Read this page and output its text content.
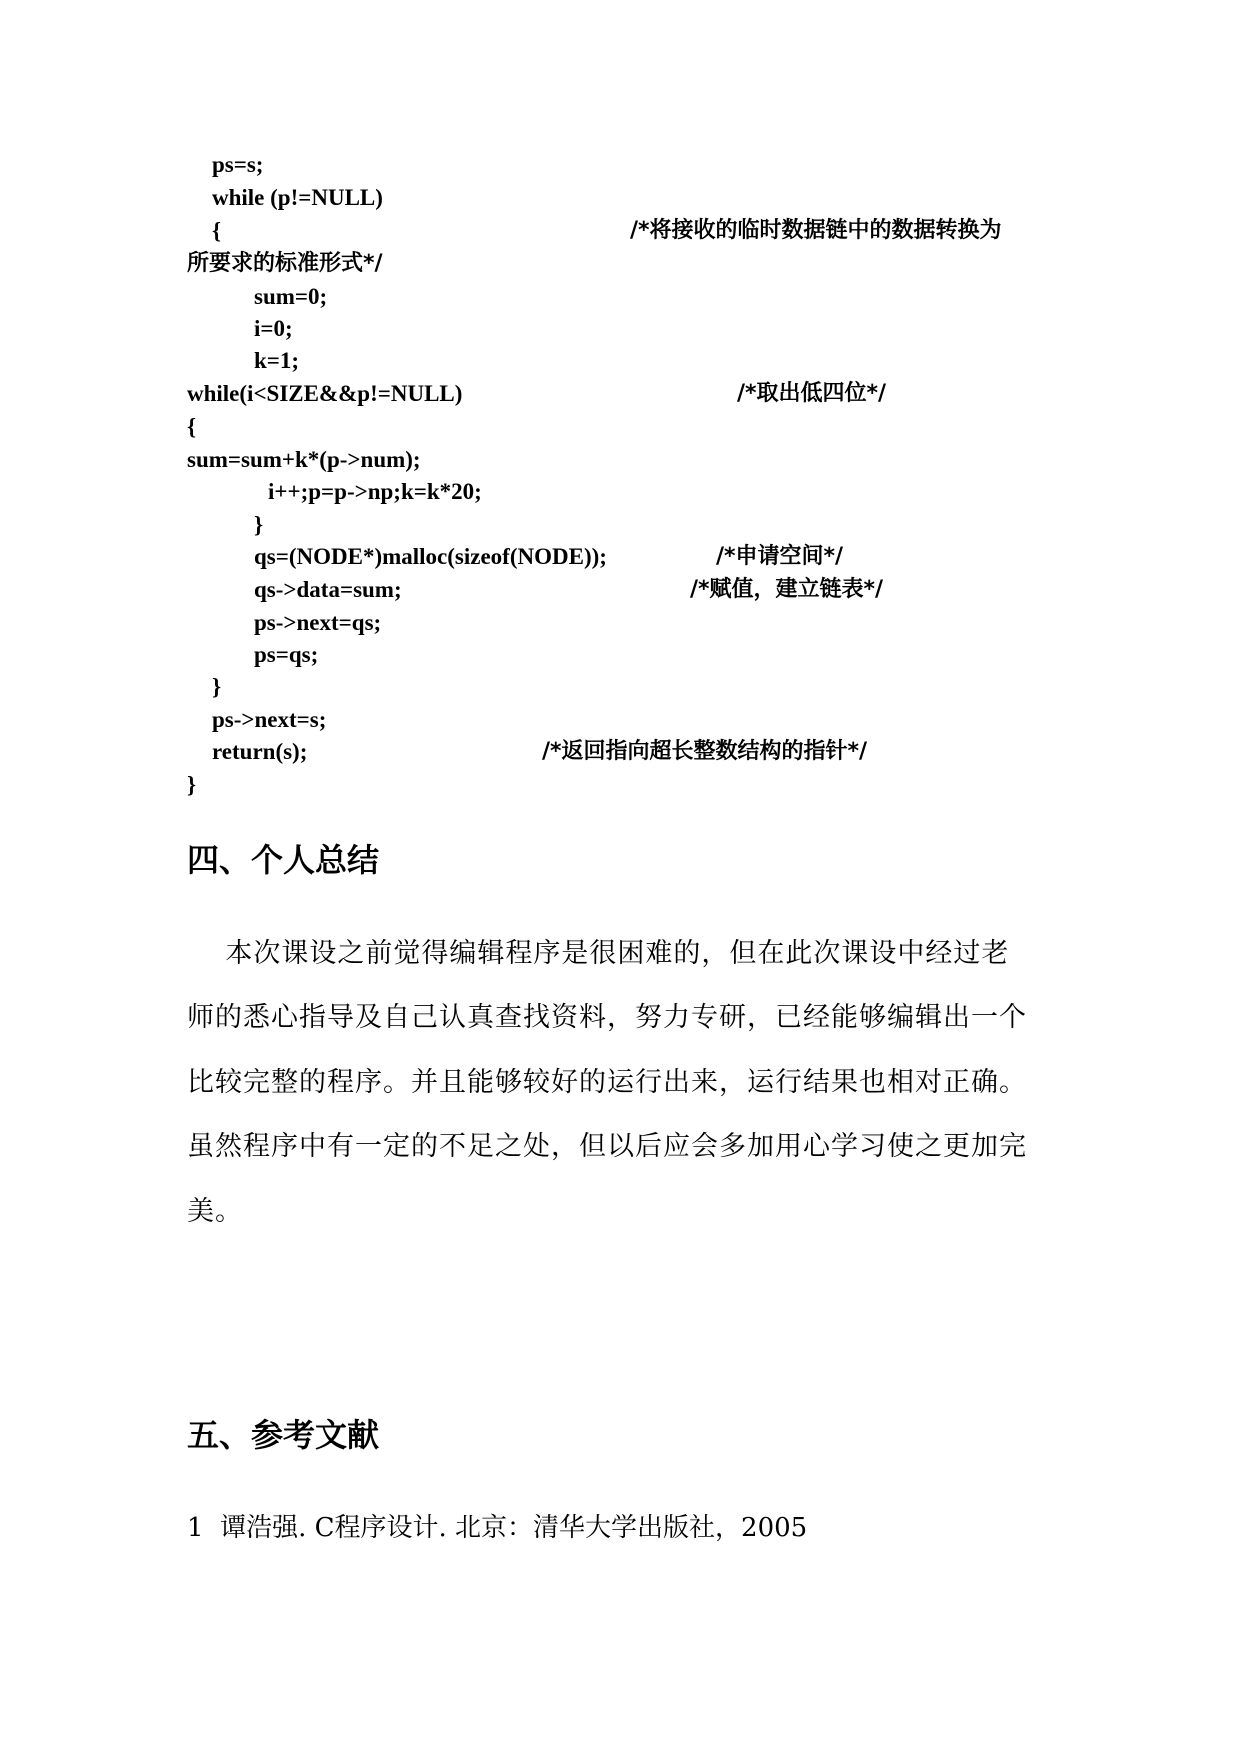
ps=s;
while (p!=NULL)
{	/*将接收的临时数据链中的数据转换为
所要求的标准形式*/
sum=0;
i=0;
k=1;
while(i<SIZE&&p!=NULL)	/*取出低四位*/
{
sum=sum+k*(p->num);
i++;p=p->np;k=k*20;
}
qs=(NODE*)malloc(sizeof(NODE));	/*申请空间*/
qs->data=sum;	/*赋值，建立链表*/
ps->next=qs;
ps=qs;
}
ps->next=s;
return(s);	/*返回指向超长整数结构的指针*/
}
四、个人总结
本次课设之前觉得编辑程序是很困难的，但在此次课设中经过老
师的悉心指导及自己认真查找资料，努力专研，已经能够编辑出一个
比较完整的程序。并且能够较好的运行出来，运行结果也相对正确。
虽然程序中有一定的不足之处，但以后应会多加用心学习使之更加完
美。
五、参考文献
1  谭浩强. C程序设计. 北京：清华大学出版社，2005
